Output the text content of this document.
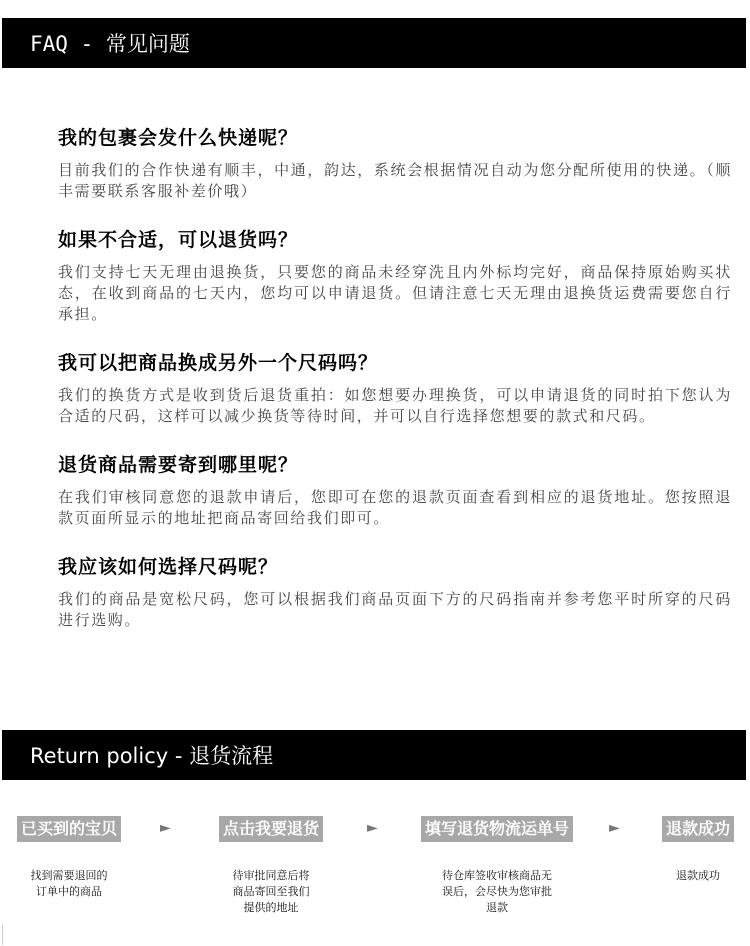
FAQ - 常见问题
我的包裹会发什么快递呢？

目前我们的合作快递有顺丰，中通，韵达，系统会根据情况自动为您分配所使用的快递。（顺丰需要联系客服补差价哦）

如果不合适，可以退货吗？

我们支持七天无理由退换货，只要您的商品未经穿洗且内外标均完好，商品保持原始购买状态，在收到商品的七天内，您均可以申请退货。但请注意七天无理由退换货运费需要您自行承担。

我可以把商品换成另外一个尺码吗？

我们的换货方式是收到货后退货重拍：如您想要办理换货，可以申请退货的同时拍下您认为合适的尺码，这样可以减少换货等待时间，并可以自行选择您想要的款式和尺码。

退货商品需要寄到哪里呢？

在我们审核同意您的退款申请后，您即可在您的退款页面查看到相应的退货地址。您按照退款页面所显示的地址把商品寄回给我们即可。

我应该如何选择尺码呢？

我们的商品是宽松尺码，您可以根据我们商品页面下方的尺码指南并参考您平时所穿的尺码进行选购。

Return policy - 退货流程
已买到的宝贝
找到需要退回的
订单中的商品
►	点击我要退货
待审批同意后将
商品寄回至我们
提供的地址
►	填写退货物流运单号
待仓库签收审核商品无
误后，会尽快为您审批
退款
►	退款成功
退款成功
